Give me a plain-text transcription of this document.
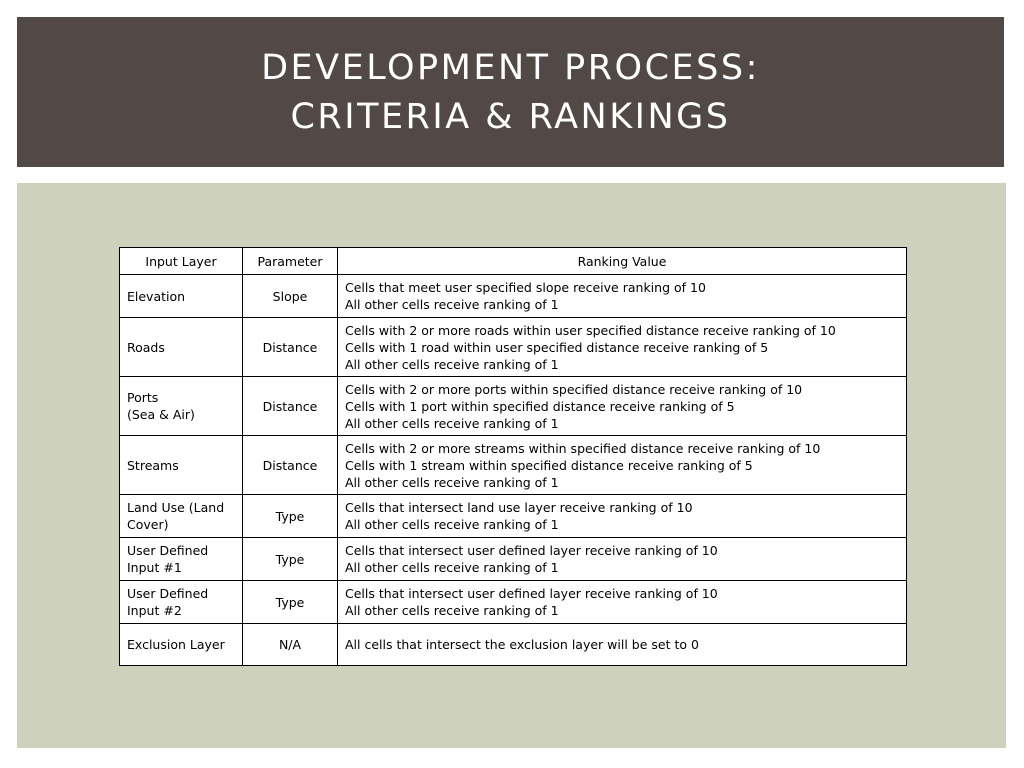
DEVELOPMENT PROCESS:
CRITERIA & RANKINGS
Input Layer	Parameter	Ranking Value
Elevation	Slope	Cells that meet user specified slope receive ranking of 10
All other cells receive ranking of 1

Roads	Distance	Cells with 2 or more roads within user specified distance receive ranking of 10
Cells with 1 road within user specified distance receive ranking of 5
All other cells receive ranking of 1

Ports
(Sea & Air)	Distance	Cells with 2 or more ports within specified distance receive ranking of 10
Cells with 1 port within specified distance receive ranking of 5
All other cells receive ranking of 1

Streams	Distance	Cells with 2 or more streams within specified distance receive ranking of 10
Cells with 1 stream within specified distance receive ranking of 5
All other cells receive ranking of 1

Land Use (Land
Cover)	Type	Cells that intersect land use layer receive ranking of 10
All other cells receive ranking of 1

User Defined
Input #1	Type	Cells that intersect user defined layer receive ranking of 10
All other cells receive ranking of 1

User Defined
Input #2	Type	Cells that intersect user defined layer receive ranking of 10
All other cells receive ranking of 1

Exclusion Layer	N/A	All cells that intersect the exclusion layer will be set to 0
